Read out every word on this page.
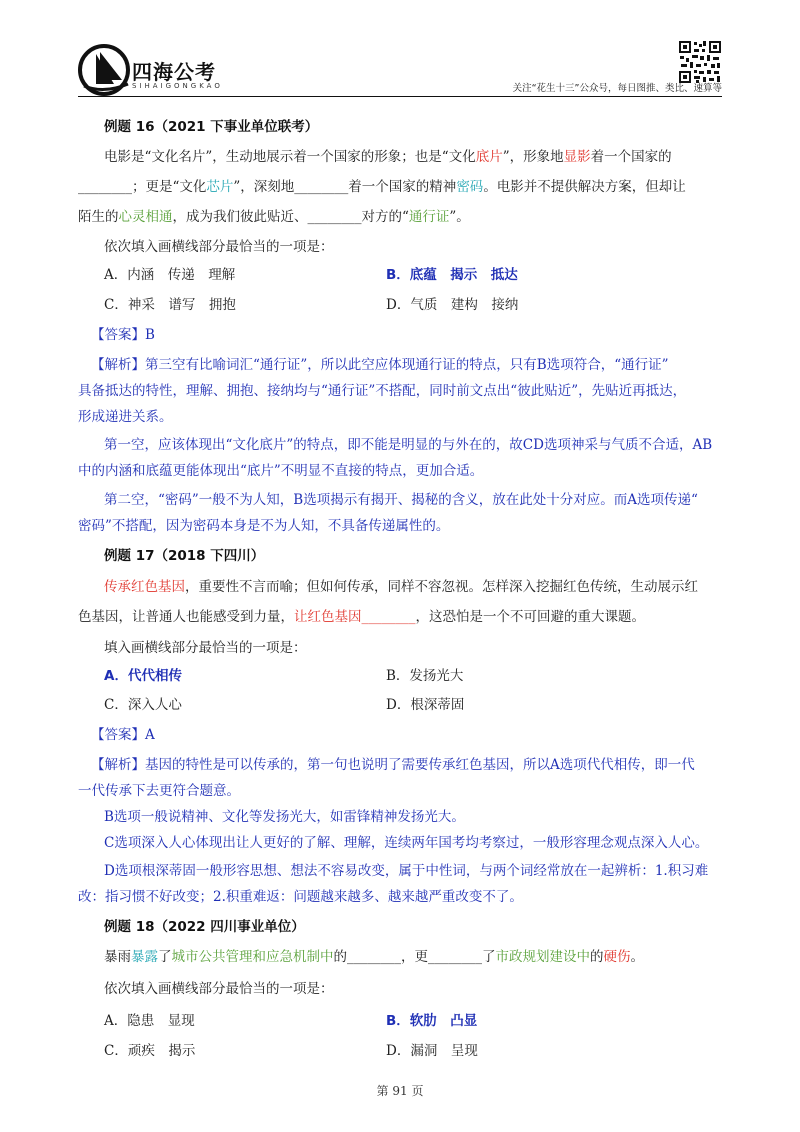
四海公考
SIHAIGONGKAO	关注“花生十三”公众号，每日图推、类比、速算等
例题 16（2021 下事业单位联考）
电影是“文化名片”，生动地展示着一个国家的形象；也是“文化底片”，形象地显影着一个国家的
________；更是“文化芯片”，深刻地________着一个国家的精神密码。电影并不提供解决方案，但却让
陌生的心灵相通，成为我们彼此贴近、________对方的“通行证”。
依次填入画横线部分最恰当的一项是：
A．内涵　传递　理解	B．底蕴　揭示　抵达
C．神采　谱写　拥抱	D．气质　建构　接纳
【答案】B
【解析】第三空有比喻词汇“通行证”，所以此空应体现通行证的特点，只有B选项符合，“通行证”
具备抵达的特性，理解、拥抱、接纳均与“通行证”不搭配，同时前文点出“彼此贴近”，先贴近再抵达，
形成递进关系。
第一空，应该体现出“文化底片”的特点，即不能是明显的与外在的，故CD选项神采与气质不合适，AB
中的内涵和底蕴更能体现出“底片”不明显不直接的特点，更加合适。
第二空，“密码”一般不为人知，B选项揭示有揭开、揭秘的含义，放在此处十分对应。而A选项传递“
密码”不搭配，因为密码本身是不为人知，不具备传递属性的。
例题 17（2018 下四川）
传承红色基因，重要性不言而喻；但如何传承，同样不容忽视。怎样深入挖掘红色传统，生动展示红
色基因，让普通人也能感受到力量，让红色基因________，这恐怕是一个不可回避的重大课题。
填入画横线部分最恰当的一项是：
A．代代相传	B．发扬光大
C．深入人心	D．根深蒂固
【答案】A
【解析】基因的特性是可以传承的，第一句也说明了需要传承红色基因，所以A选项代代相传，即一代
一代传承下去更符合题意。
B选项一般说精神、文化等发扬光大，如雷锋精神发扬光大。
C选项深入人心体现出让人更好的了解、理解，连续两年国考均考察过，一般形容理念观点深入人心。
D选项根深蒂固一般形容思想、想法不容易改变，属于中性词，与两个词经常放在一起辨析：1.积习难
改：指习惯不好改变；2.积重难返：问题越来越多、越来越严重改变不了。
例题 18（2022 四川事业单位）
暴雨暴露了城市公共管理和应急机制中的________，更________了市政规划建设中的硬伤。
依次填入画横线部分最恰当的一项是：
A．隐患　显现	B．软肋　凸显
C．顽疾　揭示	D．漏洞　呈现
第 91 页
